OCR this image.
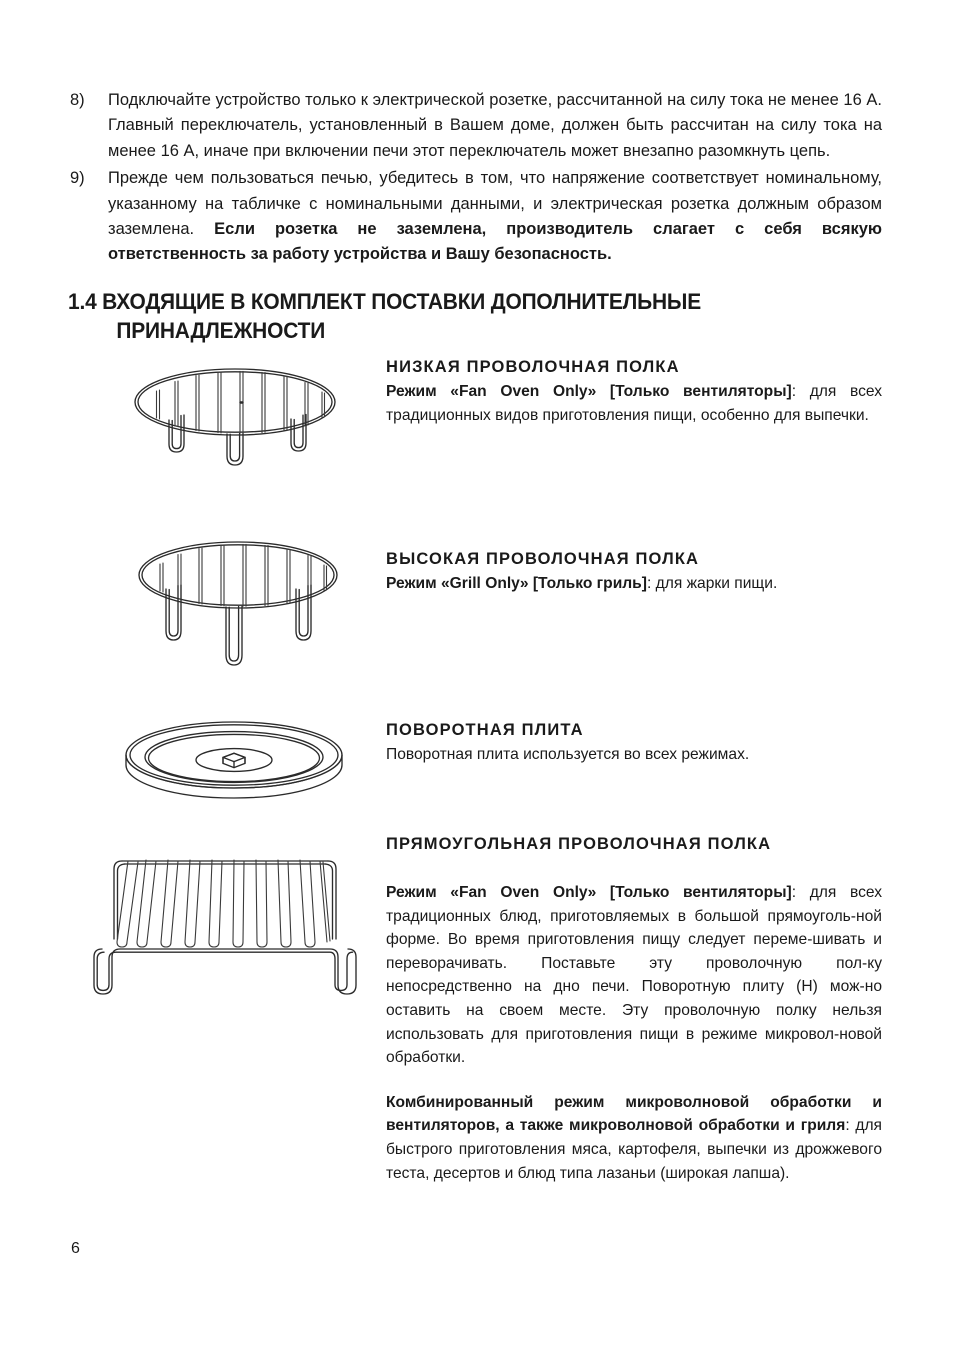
8)	Подключайте устройство только к электрической розетке, рассчитанной на силу тока не менее 16 А. Главный переключатель, установленный в Вашем доме, должен быть рассчитан на силу тока на менее 16 А, иначе при включении печи этот переключатель может внезапно разомкнуть цепь.
9)	Прежде чем пользоваться печью, убедитесь в том, что напряжение соответствует номинальному, указанному на табличке с номинальными данными, и электрическая розетка должным образом заземлена. Если розетка не заземлена, производитель слагает с себя всякую ответственность за работу устройства и Вашу безопасность.
1.4 ВХОДЯЩИЕ В КОМПЛЕКТ ПОСТАВКИ ДОПОЛНИТЕЛЬНЫЕ
ПРИНАДЛЕЖНОСТИ
НИЗКАЯ ПРОВОЛОЧНАЯ ПОЛКА

Режим «Fan Oven Only» [Только вентиляторы]: для всех традиционных видов приготовления пищи, особенно для выпечки.

ВЫСОКАЯ ПРОВОЛОЧНАЯ ПОЛКА

Режим «Grill Only» [Только гриль]: для жарки пищи.

ПОВОРОТНАЯ ПЛИТА

Поворотная плита используется во всех режимах.

ПРЯМОУГОЛЬНАЯ ПРОВОЛОЧНАЯ ПОЛКА

Режим «Fan Oven Only» [Только вентиляторы]: для всех традиционных блюд, приготовляемых в большой прямоуголь-ной форме. Во время приготовления пищу следует переме-шивать и переворачивать. Поставьте эту проволочную пол-ку непосредственно на дно печи. Поворотную плиту (Н) мож-но оставить на своем месте. Эту проволочную полку нельзя использовать для приготовления пищи в режиме микровол-новой обработки.

Комбинированный режим микроволновой обработки и вентиляторов, а также микроволновой обработки и гриля: для быстрого приготовления мяса, картофеля, выпечки из дрожжевого теста, десертов и блюд типа лазаньи (широкая лапша).

6
